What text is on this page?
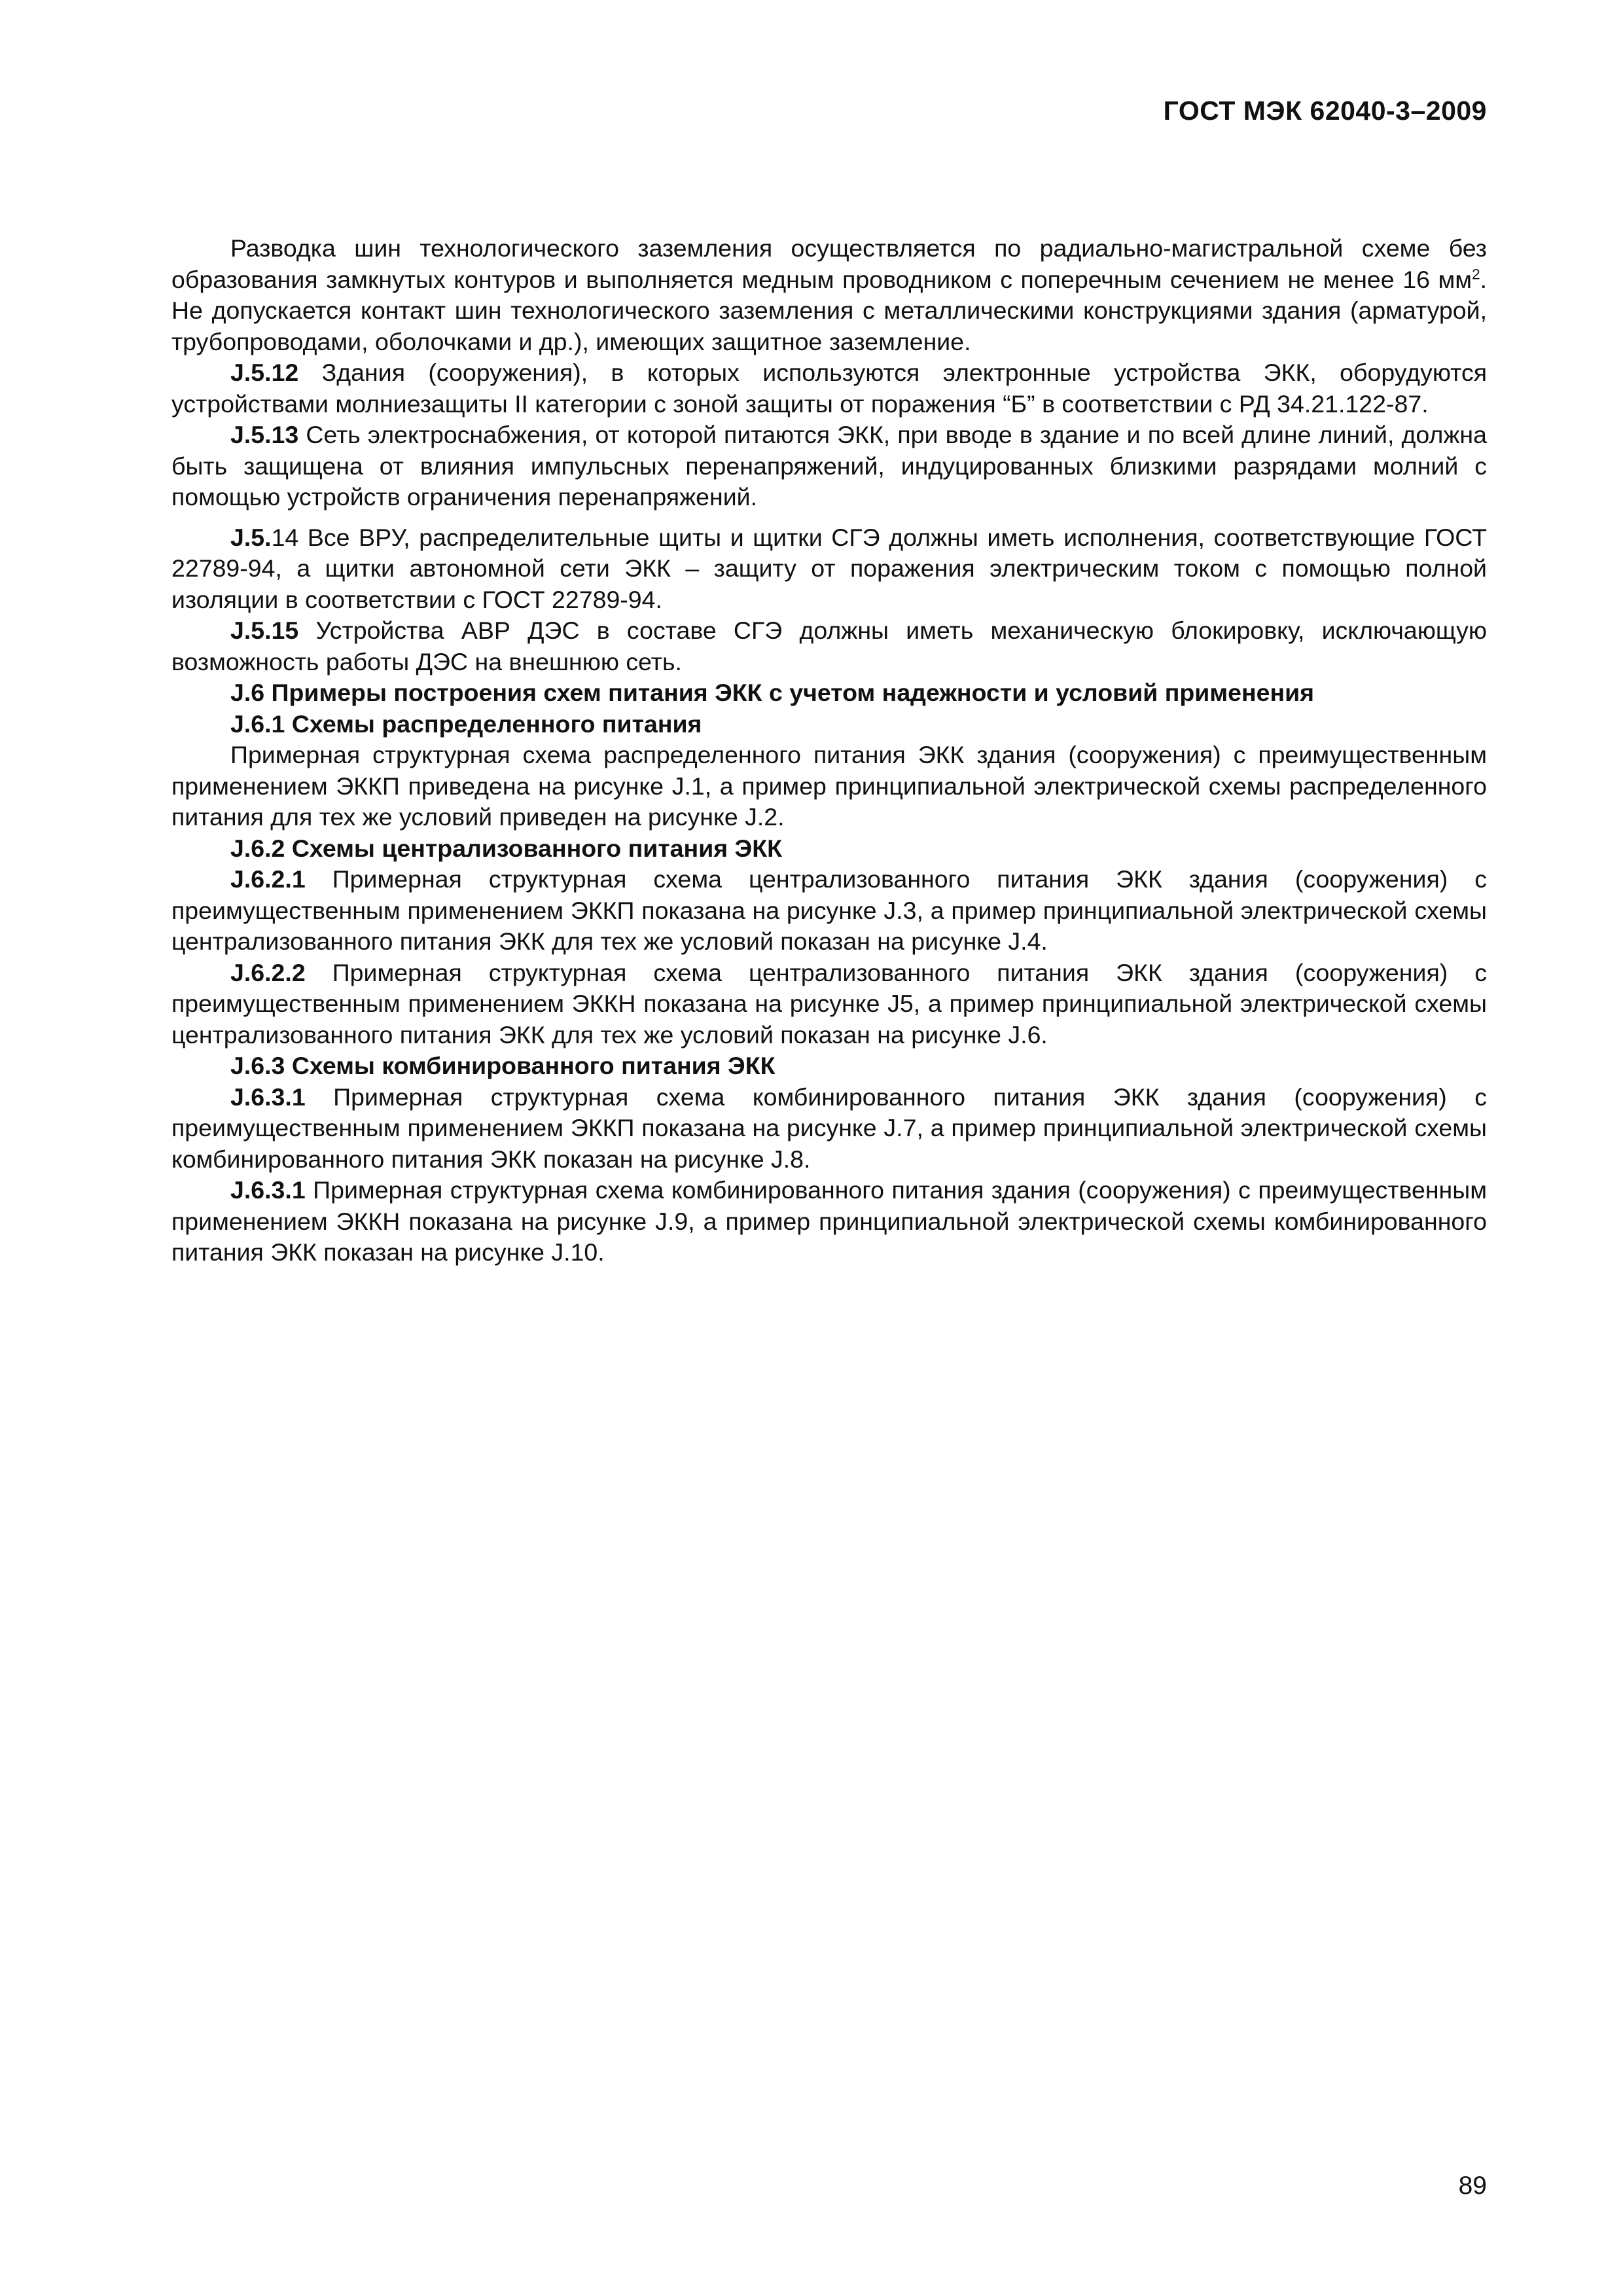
ГОСТ МЭК 62040-3–2009

Разводка шин технологического заземления осуществляется по радиально-магистральной схеме без образования замкнутых контуров и выполняется медным проводником с поперечным сечением не менее 16 $мм^2$. Не допускается контакт шин технологического заземления с металлическими конструкциями здания (арматурой, трубопроводами, оболочками и др.), имеющих защитное заземление.

J.5.12 Здания (сооружения), в которых используются электронные устройства ЭКК, оборудуются устройствами молниезащиты II категории с зоной защиты от поражения “Б” в соответствии с РД 34.21.122-87.

J.5.13 Сеть электроснабжения, от которой питаются ЭКК, при вводе в здание и по всей длине линий, должна быть защищена от влияния импульсных перенапряжений, индуцированных близкими разрядами молний с помощью устройств ограничения перенапряжений.

J.5.14 Все ВРУ, распределительные щиты и щитки СГЭ должны иметь исполнения, соответствующие ГОСТ 22789-94, а щитки автономной сети ЭКК – защиту от поражения электрическим током с помощью полной изоляции в соответствии с ГОСТ 22789-94.

J.5.15 Устройства АВР ДЭС в составе СГЭ должны иметь механическую блокировку, исключающую возможность работы ДЭС на внешнюю сеть.

J.6 Примеры построения схем питания ЭКК с учетом надежности и условий применения

J.6.1 Схемы распределенного питания

Примерная структурная схема распределенного питания ЭКК здания (сооружения) с преимущественным применением ЭККП приведена на рисунке J.1, а пример принципиальной электрической схемы распределенного питания для тех же условий приведен на рисунке J.2.

J.6.2 Схемы централизованного питания ЭКК

J.6.2.1 Примерная структурная схема централизованного питания ЭКК здания (сооружения) с преимущественным применением ЭККП показана на рисунке J.3, а пример принципиальной электрической схемы централизованного питания ЭКК для тех же условий показан на рисунке J.4.

J.6.2.2 Примерная структурная схема централизованного питания ЭКК здания (сооружения) с преимущественным применением ЭККН показана на рисунке J5, а пример принципиальной электрической схемы централизованного питания ЭКК для тех же условий показан на рисунке J.6.

J.6.3 Схемы комбинированного питания ЭКК

J.6.3.1 Примерная структурная схема комбинированного питания ЭКК здания (сооружения) с преимущественным применением ЭККП показана на рисунке J.7, а пример принципиальной электрической схемы комбинированного питания ЭКК показан на рисунке J.8.

J.6.3.1 Примерная структурная схема комбинированного питания здания (сооружения) с преимущественным применением ЭККН показана на рисунке J.9, а пример принципиальной электрической схемы комбинированного питания ЭКК показан на рисунке J.10.

89
